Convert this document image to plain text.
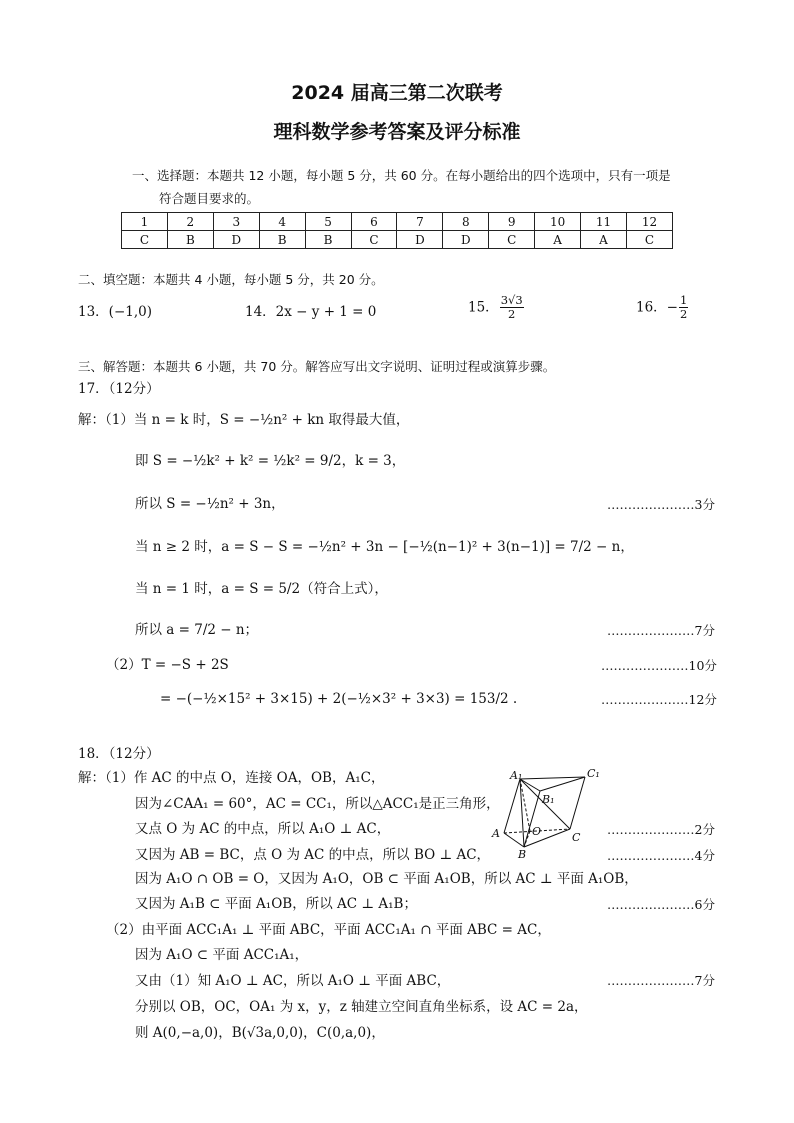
2024 届高三第二次联考
理科数学参考答案及评分标准
一、选择题：本题共 12 小题，每小题 5 分，共 60 分。在每小题给出的四个选项中，只有一项是
符合题目要求的。
1	2	3	4	5	6	7	8	9	10	11	12
C	B	D	B	B	C	D	D	C	A	A	C
二、填空题：本题共 4 小题，每小题 5 分，共 20 分。
13．(−1,0)	14．2x − y + 1 = 0	15． $\frac{3√3}{2}$	16．− $\frac{1}{2}$
三、解答题：本题共 6 小题，共 70 分。解答应写出文字说明、证明过程或演算步骤。
17．（12分）
解：（1）当 n = k 时，S = −½n² + kn 取得最大值，
即 S = −½k² + k² = ½k² = 9/2，k = 3，
所以 S = −½n² + 3n，	…………………3分
当 n ≥ 2 时，a = S − S = −½n² + 3n − [−½(n−1)² + 3(n−1)] = 7/2 − n，
当 n = 1 时，a = S = 5/2（符合上式），
所以 a = 7/2 − n；	…………………7分
（2）T = −S + 2S	…………………10分
= −(−½×15² + 3×15) + 2(−½×3² + 3×3) = 153/2 .	…………………12分
18．（12分）
解：（1）作 AC 的中点 O，连接 OA，OB，A₁C，
因为∠CAA₁ = 60°，AC = CC₁，所以△ACC₁是正三角形，
又点 O 为 AC 的中点，所以 A₁O ⊥ AC，	…………………2分
又因为 AB = BC，点 O 为 AC 的中点，所以 BO ⊥ AC，	…………………4分
因为 A₁O ∩ OB = O，又因为 A₁O，OB ⊂ 平面 A₁OB，所以 AC ⊥ 平面 A₁OB，
又因为 A₁B ⊂ 平面 A₁OB，所以 AC ⊥ A₁B；	…………………6分
（2）由平面 ACC₁A₁ ⊥ 平面 ABC，平面 ACC₁A₁ ∩ 平面 ABC = AC，
因为 A₁O ⊂ 平面 ACC₁A₁，
又由（1）知 A₁O ⊥ AC，所以 A₁O ⊥ 平面 ABC，	…………………7分
分别以 OB，OC，OA₁ 为 x，y，z 轴建立空间直角坐标系，设 AC = 2a，
则 A(0,−a,0)，B(√3a,0,0)，C(0,a,0)，
A₁	C₁
B₁
A	O	C
B
